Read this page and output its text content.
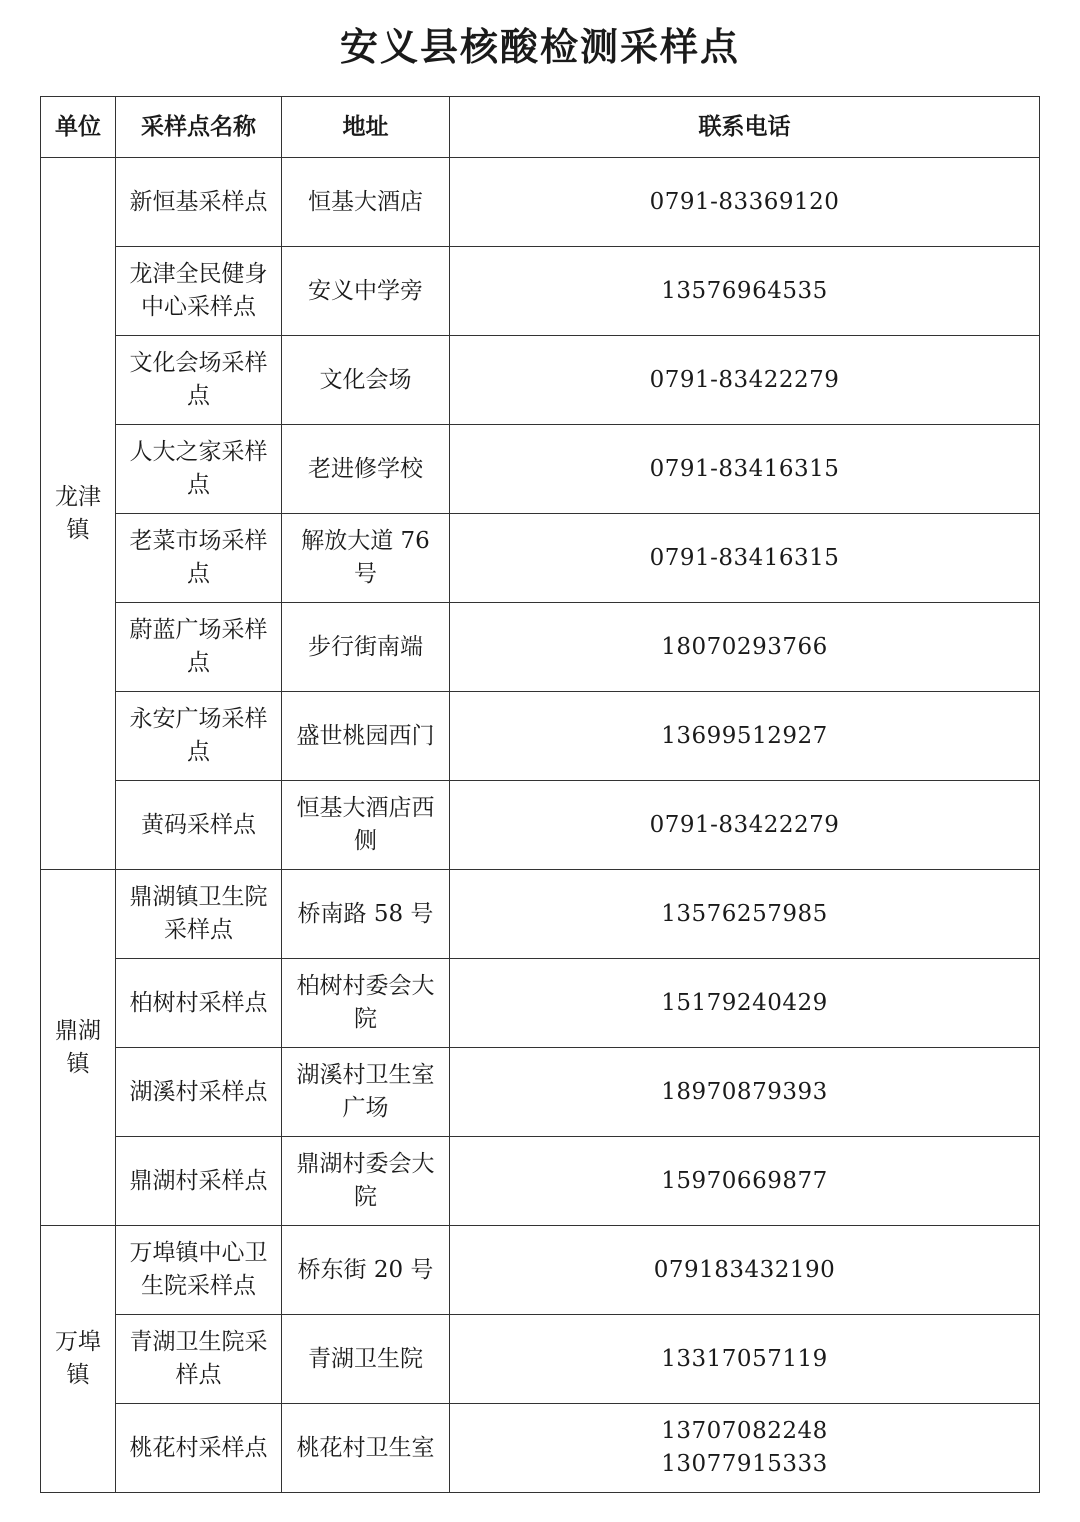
安义县核酸检测采样点
单位	采样点名称	地址	联系电话
龙津镇	新恒基采样点	恒基大酒店	0791-83369120

	龙津全民健身中心采样点	安义中学旁	13576964535

	文化会场采样点	文化会场	0791-83422279

	人大之家采样点	老进修学校	0791-83416315

	老菜市场采样点	解放大道 76 号	0791-83416315

	蔚蓝广场采样点	步行街南端	18070293766

	永安广场采样点	盛世桃园西门	13699512927

	黄码采样点	恒基大酒店西侧	0791-83422279

鼎湖镇	鼎湖镇卫生院采样点	桥南路 58 号	13576257985

	柏树村采样点	柏树村委会大院	15179240429

	湖溪村采样点	湖溪村卫生室广场	18970879393

	鼎湖村采样点	鼎湖村委会大院	15970669877

万埠镇	万埠镇中心卫生院采样点	桥东街 20 号	079183432190

	青湖卫生院采样点	青湖卫生院	13317057119

	桃花村采样点	桃花村卫生室	13707082248
13077915333
